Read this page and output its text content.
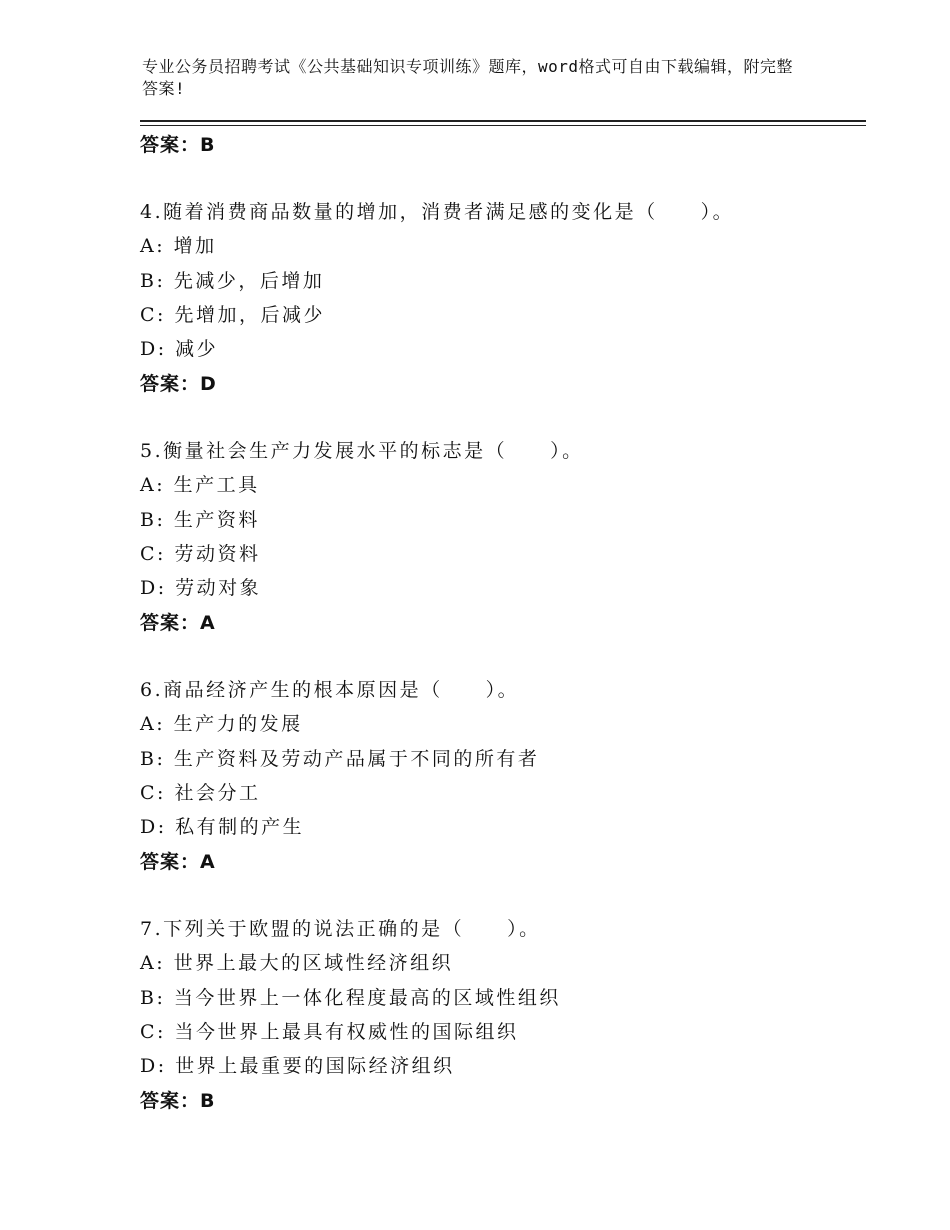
专业公务员招聘考试《公共基础知识专项训练》题库，word格式可自由下载编辑，附完整答案!
答案：B
4.随着消费商品数量的增加，消费者满足感的变化是（　　）。
A: 增加
B: 先减少，后增加
C: 先增加，后减少
D: 减少
答案：D
5.衡量社会生产力发展水平的标志是（　　）。
A: 生产工具
B: 生产资料
C: 劳动资料
D: 劳动对象
答案：A
6.商品经济产生的根本原因是（　　）。
A: 生产力的发展
B: 生产资料及劳动产品属于不同的所有者
C: 社会分工
D: 私有制的产生
答案：A
7.下列关于欧盟的说法正确的是（　　）。
A: 世界上最大的区域性经济组织
B: 当今世界上一体化程度最高的区域性组织
C: 当今世界上最具有权威性的国际组织
D: 世界上最重要的国际经济组织
答案：B
